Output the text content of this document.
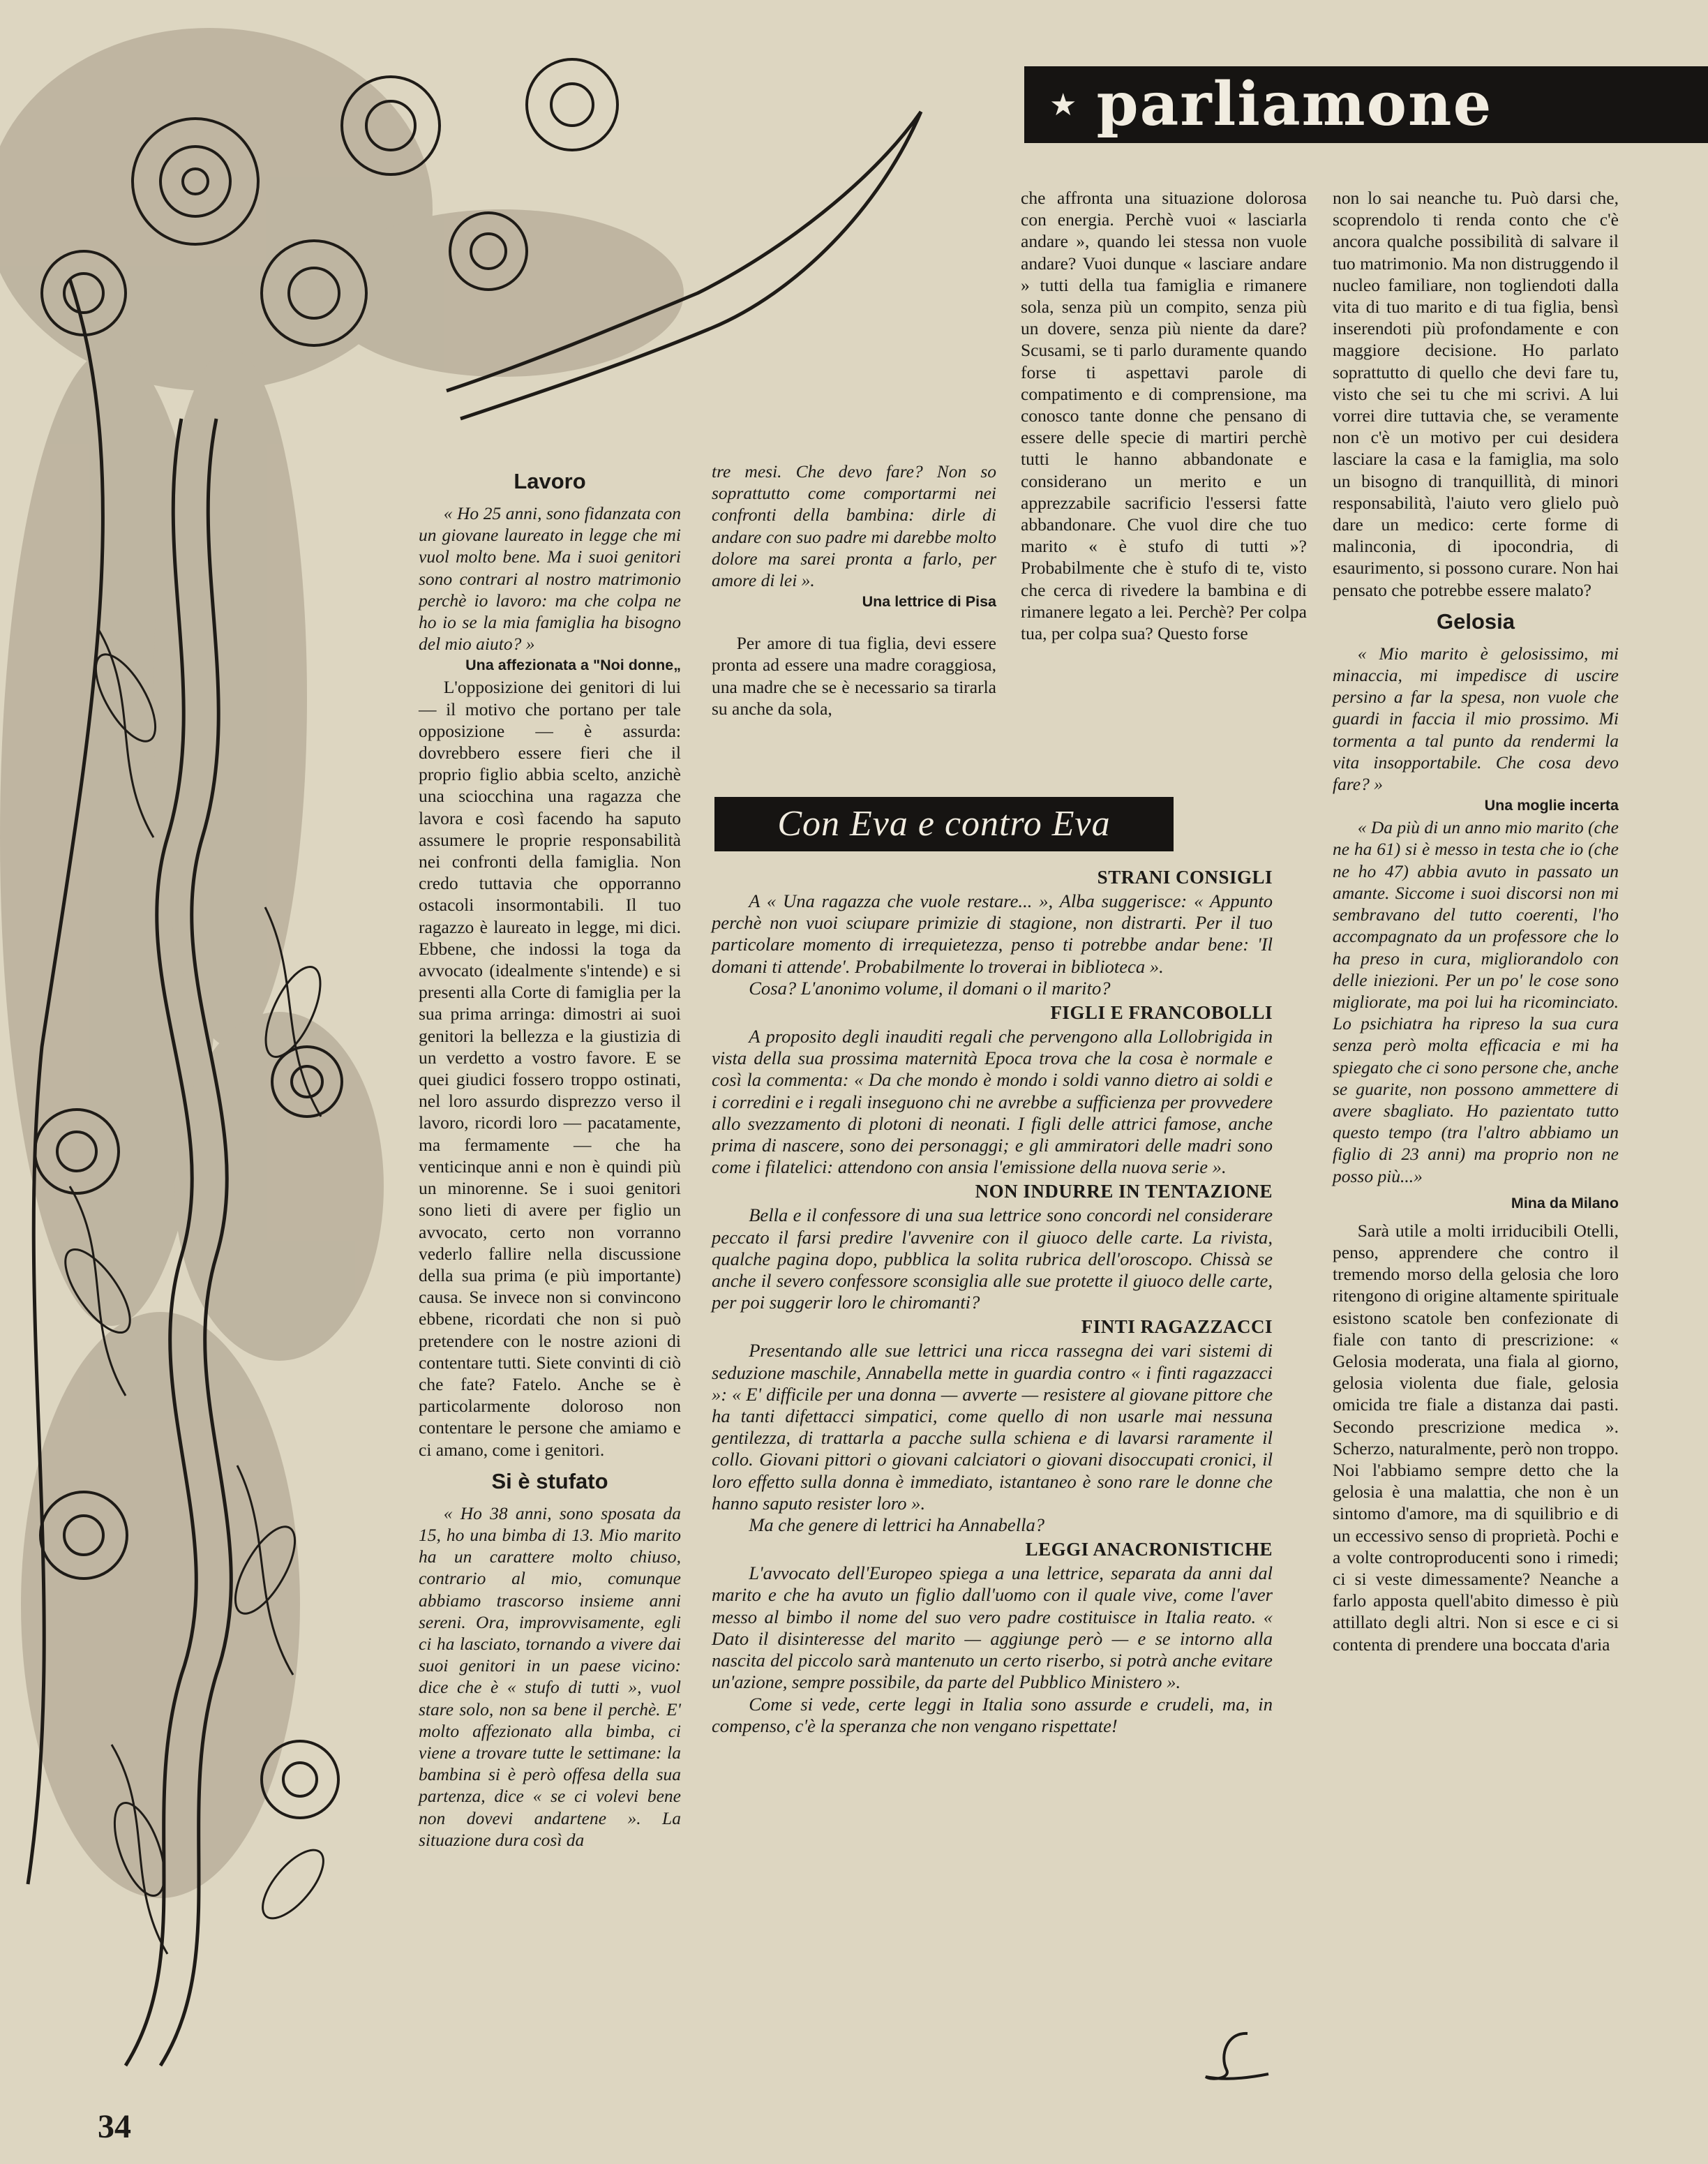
★ parliamone
Lavoro

« Ho 25 anni, sono fidanzata con un giovane laureato in legge che mi vuol molto bene. Ma i suoi genitori sono contrari al nostro matrimonio perchè io lavoro: ma che colpa ne ho io se la mia famiglia ha bisogno del mio aiuto? »

Una affezionata a "Noi donne„

L'opposizione dei genitori di lui — il motivo che portano per tale opposizione — è assurda: dovrebbero essere fieri che il proprio figlio abbia scelto, anzichè una sciocchina una ragazza che lavora e così facendo ha saputo assumere le proprie responsabilità nei confronti della famiglia. Non credo tuttavia che opporranno ostacoli insormontabili. Il tuo ragazzo è laureato in legge, mi dici. Ebbene, che indossi la toga da avvocato (idealmente s'intende) e si presenti alla Corte di famiglia per la sua prima arringa: dimostri ai suoi genitori la bellezza e la giustizia di un verdetto a vostro favore. E se quei giudici fossero troppo ostinati, nel loro assurdo disprezzo verso il lavoro, ricordi loro — pacatamente, ma fermamente — che ha venticinque anni e non è quindi più un minorenne. Se i suoi genitori sono lieti di avere per figlio un avvocato, certo non vorranno vederlo fallire nella discussione della sua prima (e più importante) causa. Se invece non si convincono ebbene, ricordati che non si può pretendere con le nostre azioni di contentare tutti. Siete convinti di ciò che fate? Fatelo. Anche se è particolarmente doloroso non contentare le persone che amiamo e ci amano, come i genitori.

Si è stufato

« Ho 38 anni, sono sposata da 15, ho una bimba di 13. Mio marito ha un carattere molto chiuso, contrario al mio, comunque abbiamo trascorso insieme anni sereni. Ora, improvvisamente, egli ci ha lasciato, tornando a vivere dai suoi genitori in un paese vicino: dice che è « stufo di tutti », vuol stare solo, non sa bene il perchè. E' molto affezionato alla bimba, ci viene a trovare tutte le settimane: la bambina si è però offesa della sua partenza, dice « se ci volevi bene non dovevi andartene ». La situazione dura così da

tre mesi. Che devo fare? Non so soprattutto come comportarmi nei confronti della bambina: dirle di andare con suo padre mi darebbe molto dolore ma sarei pronta a farlo, per amore di lei ».

Una lettrice di Pisa

Per amore di tua figlia, devi essere pronta ad essere una madre coraggiosa, una madre che se è necessario sa tirarla su anche da sola,

che affronta una situazione dolorosa con energia. Perchè vuoi « lasciarla andare », quando lei stessa non vuole andare? Vuoi dunque « lasciare andare » tutti della tua famiglia e rimanere sola, senza più un compito, senza più un dovere, senza più niente da dare? Scusami, se ti parlo duramente quando forse ti aspettavi parole di compatimento e di comprensione, ma conosco tante donne che pensano di essere delle specie di martiri perchè tutti le hanno abbandonate e considerano un merito e un apprezzabile sacrificio l'essersi fatte abbandonare. Che vuol dire che tuo marito « è stufo di tutti »? Probabilmente che è stufo di te, visto che cerca di rivedere la bambina e di rimanere legato a lei. Perchè? Per colpa tua, per colpa sua? Questo forse

non lo sai neanche tu. Può darsi che, scoprendolo ti renda conto che c'è ancora qualche possibilità di salvare il tuo matrimonio. Ma non distruggendo il nucleo familiare, non togliendoti dalla vita di tuo marito e di tua figlia, bensì inserendoti più profondamente e con maggiore decisione. Ho parlato soprattutto di quello che devi fare tu, visto che sei tu che mi scrivi. A lui vorrei dire tuttavia che, se veramente non c'è un motivo per cui desidera lasciare la casa e la famiglia, ma solo un bisogno di tranquillità, di minori responsabilità, l'aiuto vero glielo può dare un medico: certe forme di malinconia, di ipocondria, di esaurimento, si possono curare. Non hai pensato che potrebbe essere malato?

Gelosia

« Mio marito è gelosissimo, mi minaccia, mi impedisce di uscire persino a far la spesa, non vuole che guardi in faccia il mio prossimo. Mi tormenta a tal punto da rendermi la vita insopportabile. Che cosa devo fare? »

Una moglie incerta

« Da più di un anno mio marito (che ne ha 61) si è messo in testa che io (che ne ho 47) abbia avuto in passato un amante. Siccome i suoi discorsi non mi sembravano del tutto coerenti, l'ho accompagnato da un professore che lo ha preso in cura, migliorandolo con delle iniezioni. Per un po' le cose sono migliorate, ma poi lui ha ricominciato. Lo psichiatra ha ripreso la sua cura senza però molta efficacia e mi ha spiegato che ci sono persone che, anche se guarite, non possono ammettere di avere sbagliato. Ho pazientato tutto questo tempo (tra l'altro abbiamo un figlio di 23 anni) ma proprio non ne posso più...»

Mina da Milano

Sarà utile a molti irriducibili Otelli, penso, apprendere che contro il tremendo morso della gelosia che loro ritengono di origine altamente spirituale esistono scatole ben confezionate di fiale con tanto di prescrizione: « Gelosia moderata, una fiala al giorno, gelosia violenta due fiale, gelosia omicida tre fiale a distanza dai pasti. Secondo prescrizione medica ». Scherzo, naturalmente, però non troppo. Noi l'abbiamo sempre detto che la gelosia è una malattia, che non è un sintomo d'amore, ma di squilibrio e di un eccessivo senso di proprietà. Pochi e a volte controproducenti sono i rimedi; ci si veste dimessamente? Neanche a farlo apposta quell'abito dimesso è più attillato degli altri. Non si esce e ci si contenta di prendere una boccata d'aria

Con Eva e contro Eva
STRANI CONSIGLI

A « Una ragazza che vuole restare... », Alba suggerisce: « Appunto perchè non vuoi sciupare primizie di stagione, non distrarti. Per il tuo particolare momento di irrequietezza, penso ti potrebbe andar bene: 'Il domani ti attende'. Probabilmente lo troverai in biblioteca ».

Cosa? L'anonimo volume, il domani o il marito?

FIGLI E FRANCOBOLLI

A proposito degli inauditi regali che pervengono alla Lollobrigida in vista della sua prossima maternità Epoca trova che la cosa è normale e così la commenta: « Da che mondo è mondo i soldi vanno dietro ai soldi e i corredini e i regali inseguono chi ne avrebbe a sufficienza per provvedere allo svezzamento di plotoni di neonati. I figli delle attrici famose, anche prima di nascere, sono dei personaggi; e gli ammiratori delle madri sono come i filatelici: attendono con ansia l'emissione della nuova serie ».

NON INDURRE IN TENTAZIONE

Bella e il confessore di una sua lettrice sono concordi nel considerare peccato il farsi predire l'avvenire con il giuoco delle carte. La rivista, qualche pagina dopo, pubblica la solita rubrica dell'oroscopo. Chissà se anche il severo confessore sconsiglia alle sue protette il giuoco delle carte, per poi suggerir loro le chiromanti?

FINTI RAGAZZACCI

Presentando alle sue lettrici una ricca rassegna dei vari sistemi di seduzione maschile, Annabella mette in guardia contro « i finti ragazzacci »: « E' difficile per una donna — avverte — resistere al giovane pittore che ha tanti difettacci simpatici, come quello di non usarle mai nessuna gentilezza, di trattarla a pacche sulla schiena e di lavarsi raramente il collo. Giovani pittori o giovani calciatori o giovani disoccupati cronici, il loro effetto sulla donna è immediato, istantaneo è sono rare le donne che hanno saputo resister loro ».

Ma che genere di lettrici ha Annabella?

LEGGI ANACRONISTICHE

L'avvocato dell'Europeo spiega a una lettrice, separata da anni dal marito e che ha avuto un figlio dall'uomo con il quale vive, come l'aver messo al bimbo il nome del suo vero padre costituisce in Italia reato. « Dato il disinteresse del marito — aggiunge però — e se intorno alla nascita del piccolo sarà mantenuto un certo riserbo, si potrà anche evitare un'azione, sempre possibile, da parte del Pubblico Ministero ».

Come si vede, certe leggi in Italia sono assurde e crudeli, ma, in compenso, c'è la speranza che non vengano rispettate!

34
